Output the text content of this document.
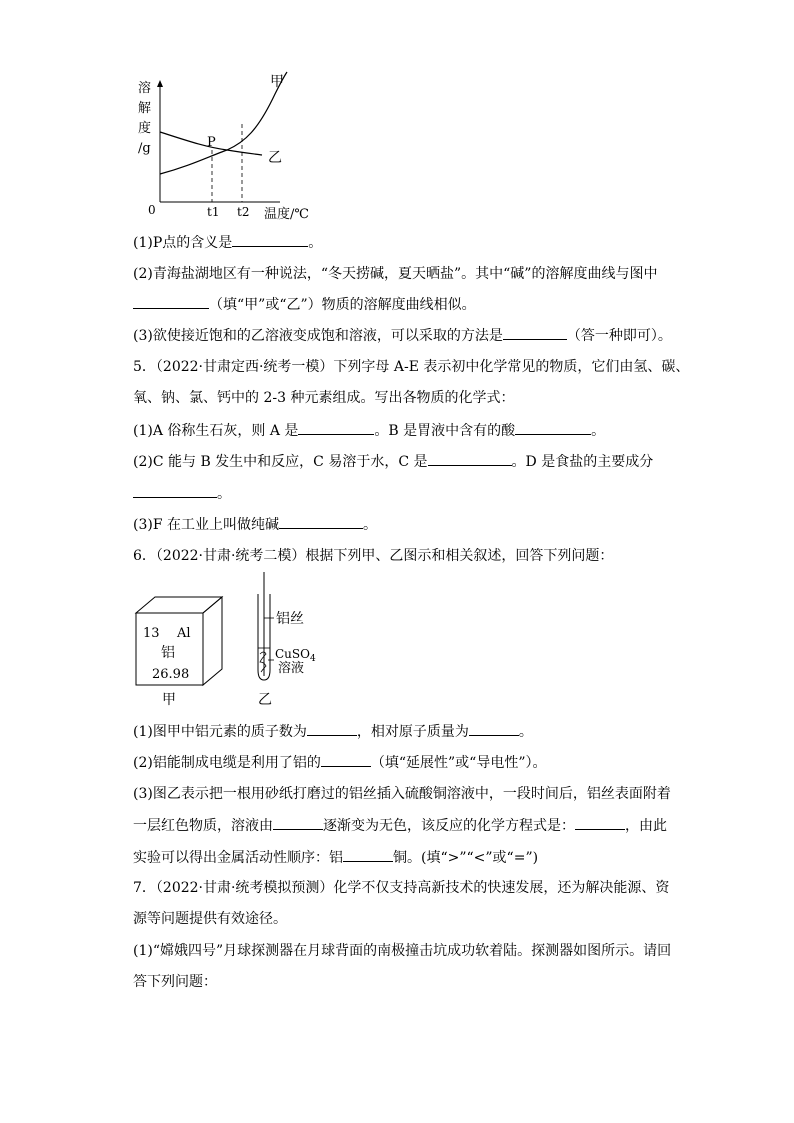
溶
解
度
/g	P
甲
乙
0	t1 t2 温度/℃
(1)P点的含义是	。
(2)青海盐湖地区有一种说法，“冬天捞碱，夏天晒盐”。其中“碱”的溶解度曲线与图中
（填“甲”或“乙”）物质的溶解度曲线相似。
(3)欲使接近饱和的乙溶液变成饱和溶液，可以采取的方法是	（答一种即可）。
5．（2022·甘肃定西·统考一模）下列字母 A-E 表示初中化学常见的物质，它们由氢、碳、
氧、钠、氯、钙中的 2-3 种元素组成。写出各物质的化学式：
(1)A 俗称生石灰，则 A 是	。B 是胃液中含有的酸	。
(2)C 能与 B 发生中和反应，C 易溶于水，C 是	。D 是食盐的主要成分
。
(3)F 在工业上叫做纯碱	。
6．（2022·甘肃·统考二模）根据下列甲、乙图示和相关叙述，回答下列问题：
13 Al
铝
26.98
甲
铝丝
CuSO$_4$
溶液
乙
(1)图甲中铝元素的质子数为	，相对原子质量为	。
(2)铝能制成电缆是利用了铝的	（填“延展性”或“导电性”）。
(3)图乙表示把一根用砂纸打磨过的铝丝插入硫酸铜溶液中，一段时间后，铝丝表面附着
一层红色物质，溶液由	逐渐变为无色，该反应的化学方程式是：	，由此
实验可以得出金属活动性顺序：铝	铜。(填“>”“<”或“=”)
7．（2022·甘肃·统考模拟预测）化学不仅支持高新技术的快速发展，还为解决能源、资
源等问题提供有效途径。
(1)“嫦娥四号”月球探测器在月球背面的南极撞击坑成功软着陆。探测器如图所示。请回
答下列问题：
